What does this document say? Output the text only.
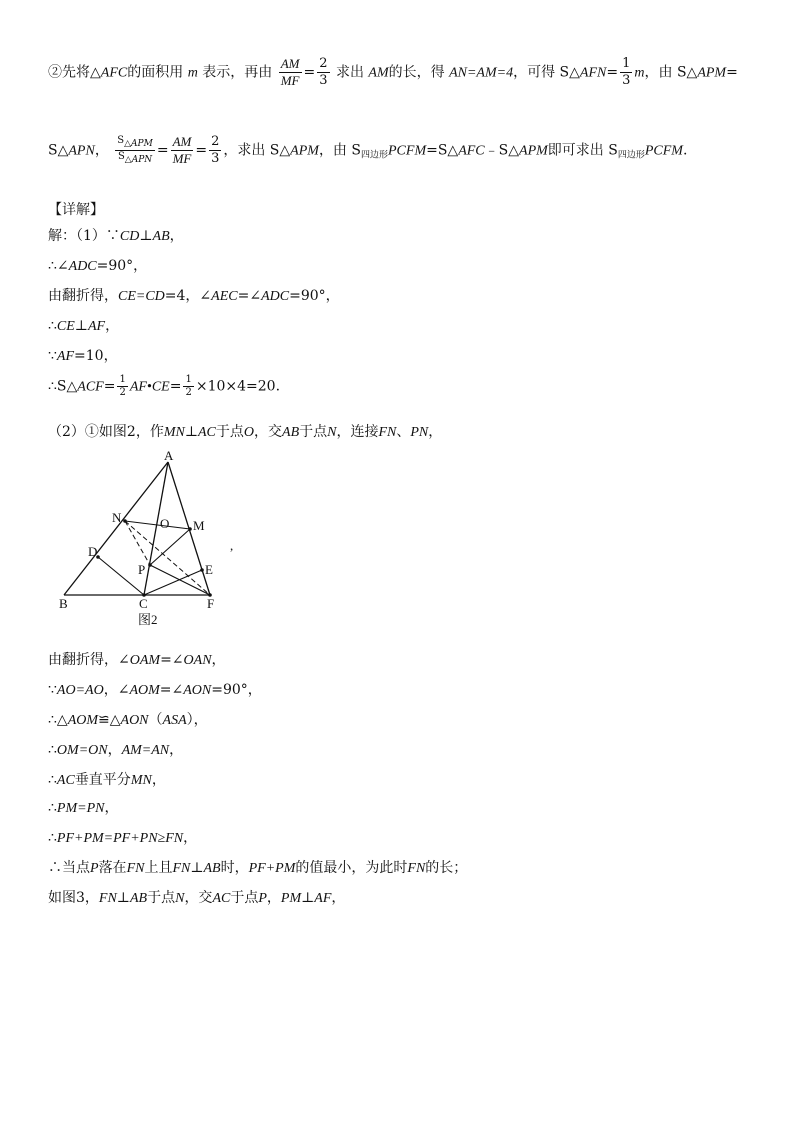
②先将△AFC的面积用 m 表示，再由 $\frac{AM}{MF} = \frac{2}{3}$ 求出 AM的长，得 AN=AM=4，可得 S△AFN= $\frac{1}{3}$ m，由 S△APM=
S△APN， $\frac{\text{S△APM}}{\text{S△APN}} = \frac{AM}{MF} = \frac{2}{3}$ ，求出 S△APM，由 $S_{四边形}PCFM=S\triangle AFC﹣S\triangle APM$即可求出 $S_{四边形}PCFM$.
【详解】
解：（1）∵CD⊥AB，
∴∠ADC=90°，
由翻折得，CE=CD=4，∠AEC=∠ADC=90°，
∴CE⊥AF，
∵AF=10，
∴S△ACF= $\frac{1}{2}$ AF•CE= $\frac{1}{2} \times 10\times 4=20$.
（2）①如图2，作MN⊥AC于点O，交AB于点N，连接FN、PN，
A
N	O M
D
P	E
B	C	F
图2
,
由翻折得，∠OAM=∠OAN，
∵AO=AO，∠AOM=∠AON=90°，
∴△AOM≌△AON（ASA），
∴OM=ON，AM=AN，
∴AC垂直平分MN，
∴PM=PN，
∴PF+PM=PF+PN≥FN，
∴当点P落在FN上且FN⊥AB时，PF+PM的值最小，为此时FN的长；
如图3，FN⊥AB于点N，交AC于点P，PM⊥AF，
